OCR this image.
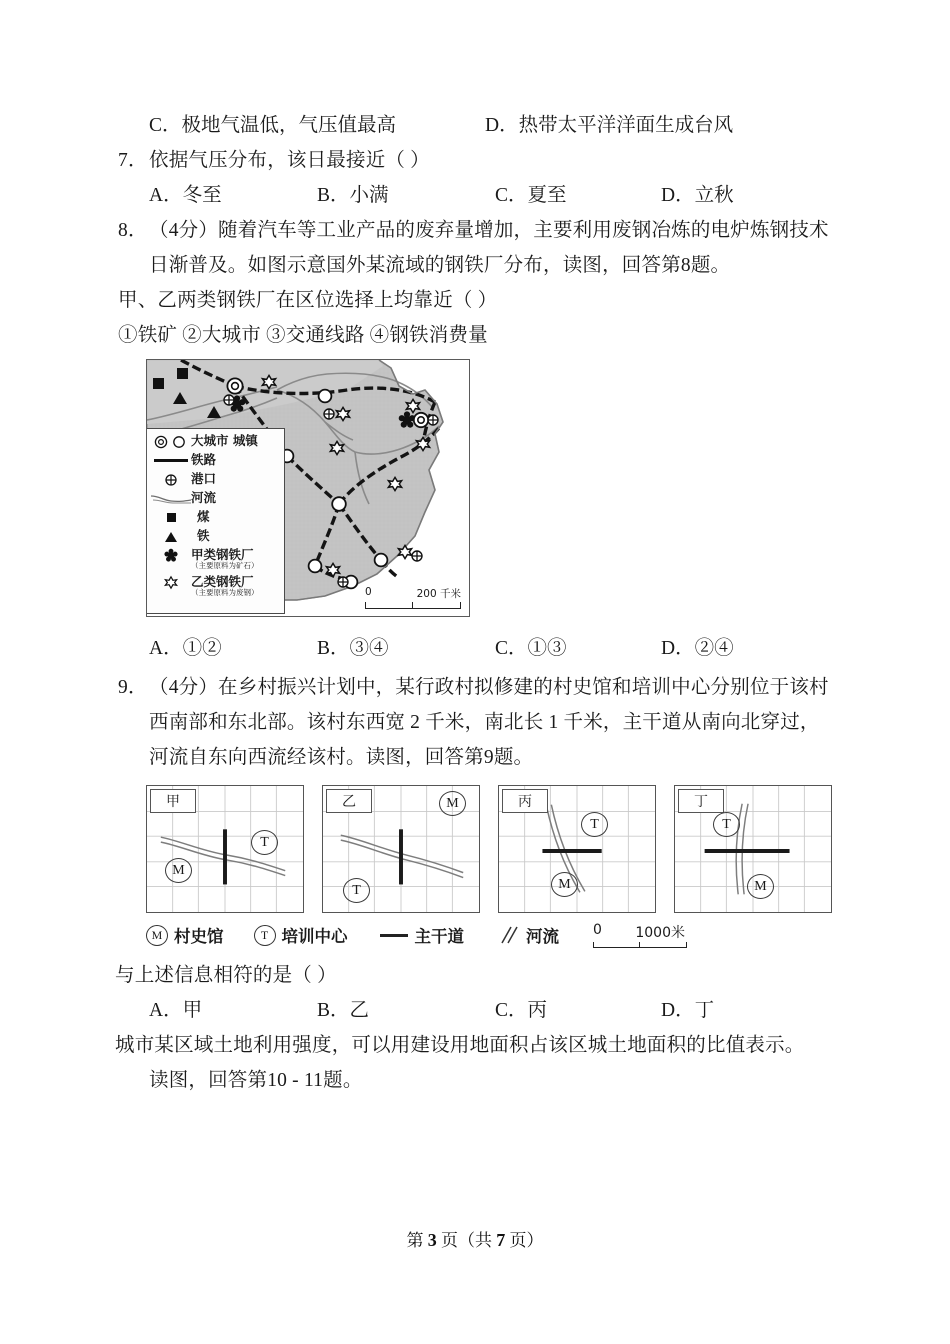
C．极地气温低，气压值最高	D．热带太平洋洋面生成台风
7．依据气压分布，该日最接近（ ）
A．冬至	B．小满	C．夏至	D．立秋
8．（4分）随着汽车等工业产品的废弃量增加，主要利用废钢冶炼的电炉炼钢技术日渐普及。如图示意国外某流域的钢铁厂分布，读图，回答第8题。
甲、乙两类钢铁厂在区位选择上均靠近（ ）
①铁矿 ②大城市 ③交通线路 ④钢铁消费量
大城市 城镇
铁路
港口
河流
煤
铁
甲类钢铁厂
（主要原料为矿石）
乙类钢铁厂
（主要原料为废钢）	0	200 千米
A．①②	B．③④	C．①③	D．②④
9．（4分）在乡村振兴计划中，某行政村拟修建的村史馆和培训中心分别位于该村西南部和东北部。该村东西宽 2 千米，南北长 1 千米，主干道从南向北穿过，河流自东向西流经该村。读图，回答第9题。
甲
M
T
乙	M
T
丙
M
T
丁
M
T
M 村史馆	T 培训中心	主干道	河流 0 1000米
与上述信息相符的是（ ）
A．甲	B．乙	C．丙	D．丁
城市某区域土地利用强度，可以用建设用地面积占该区城土地面积的比值表示。
读图，回答第10 - 11题。
第 3 页（共 7 页）
